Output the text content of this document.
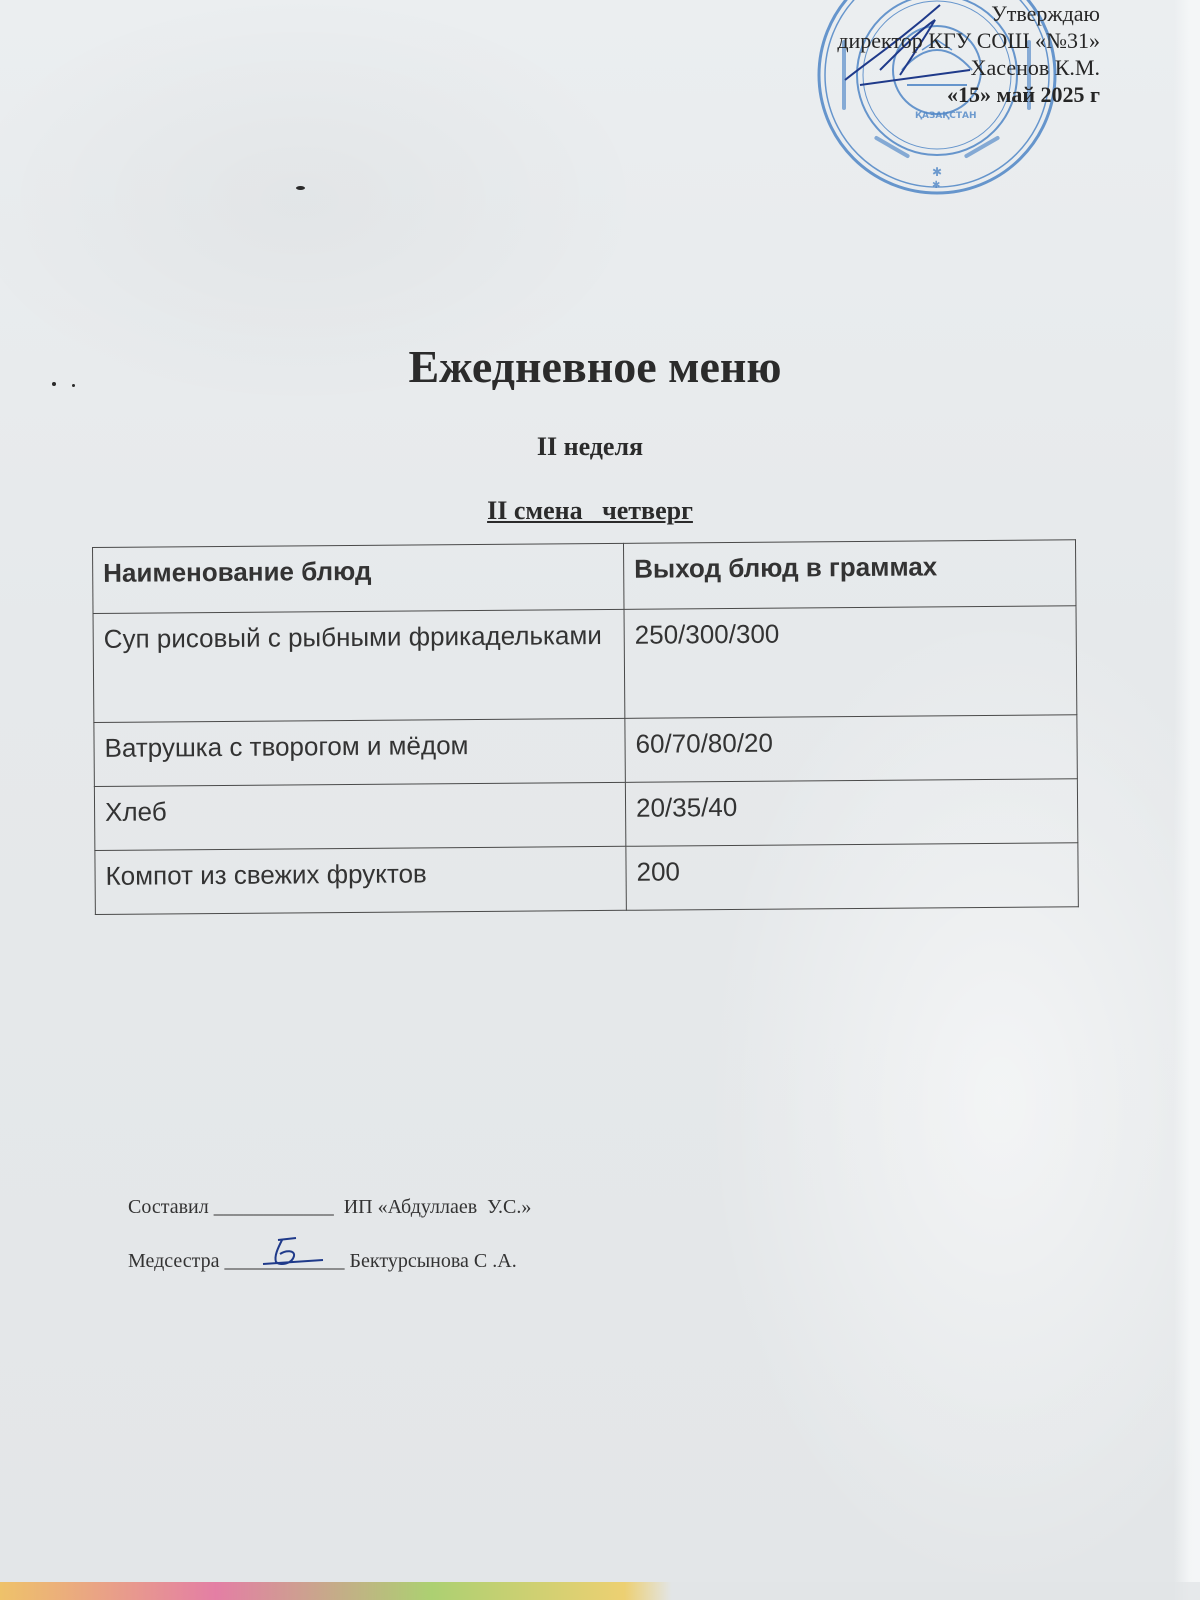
ҚАЗАҚСТАН
✱
✱
Утверждаю
директор КГУ СОШ «№31»
Хасенов К.М.
«15» май 2025 г
Ежедневное меню
II неделя
II смена   четверг
Наименование блюд	Выход блюд в граммах
Суп рисовый с рыбными фрикадельками	250/300/300
Ватрушка с творогом и мёдом	60/70/80/20
Хлеб	20/35/40
Компот из свежих фруктов	200
Составил ____________  ИП «Абдуллаев  У.С.»
Медсестра ____________ Бектурсынова С .А.
